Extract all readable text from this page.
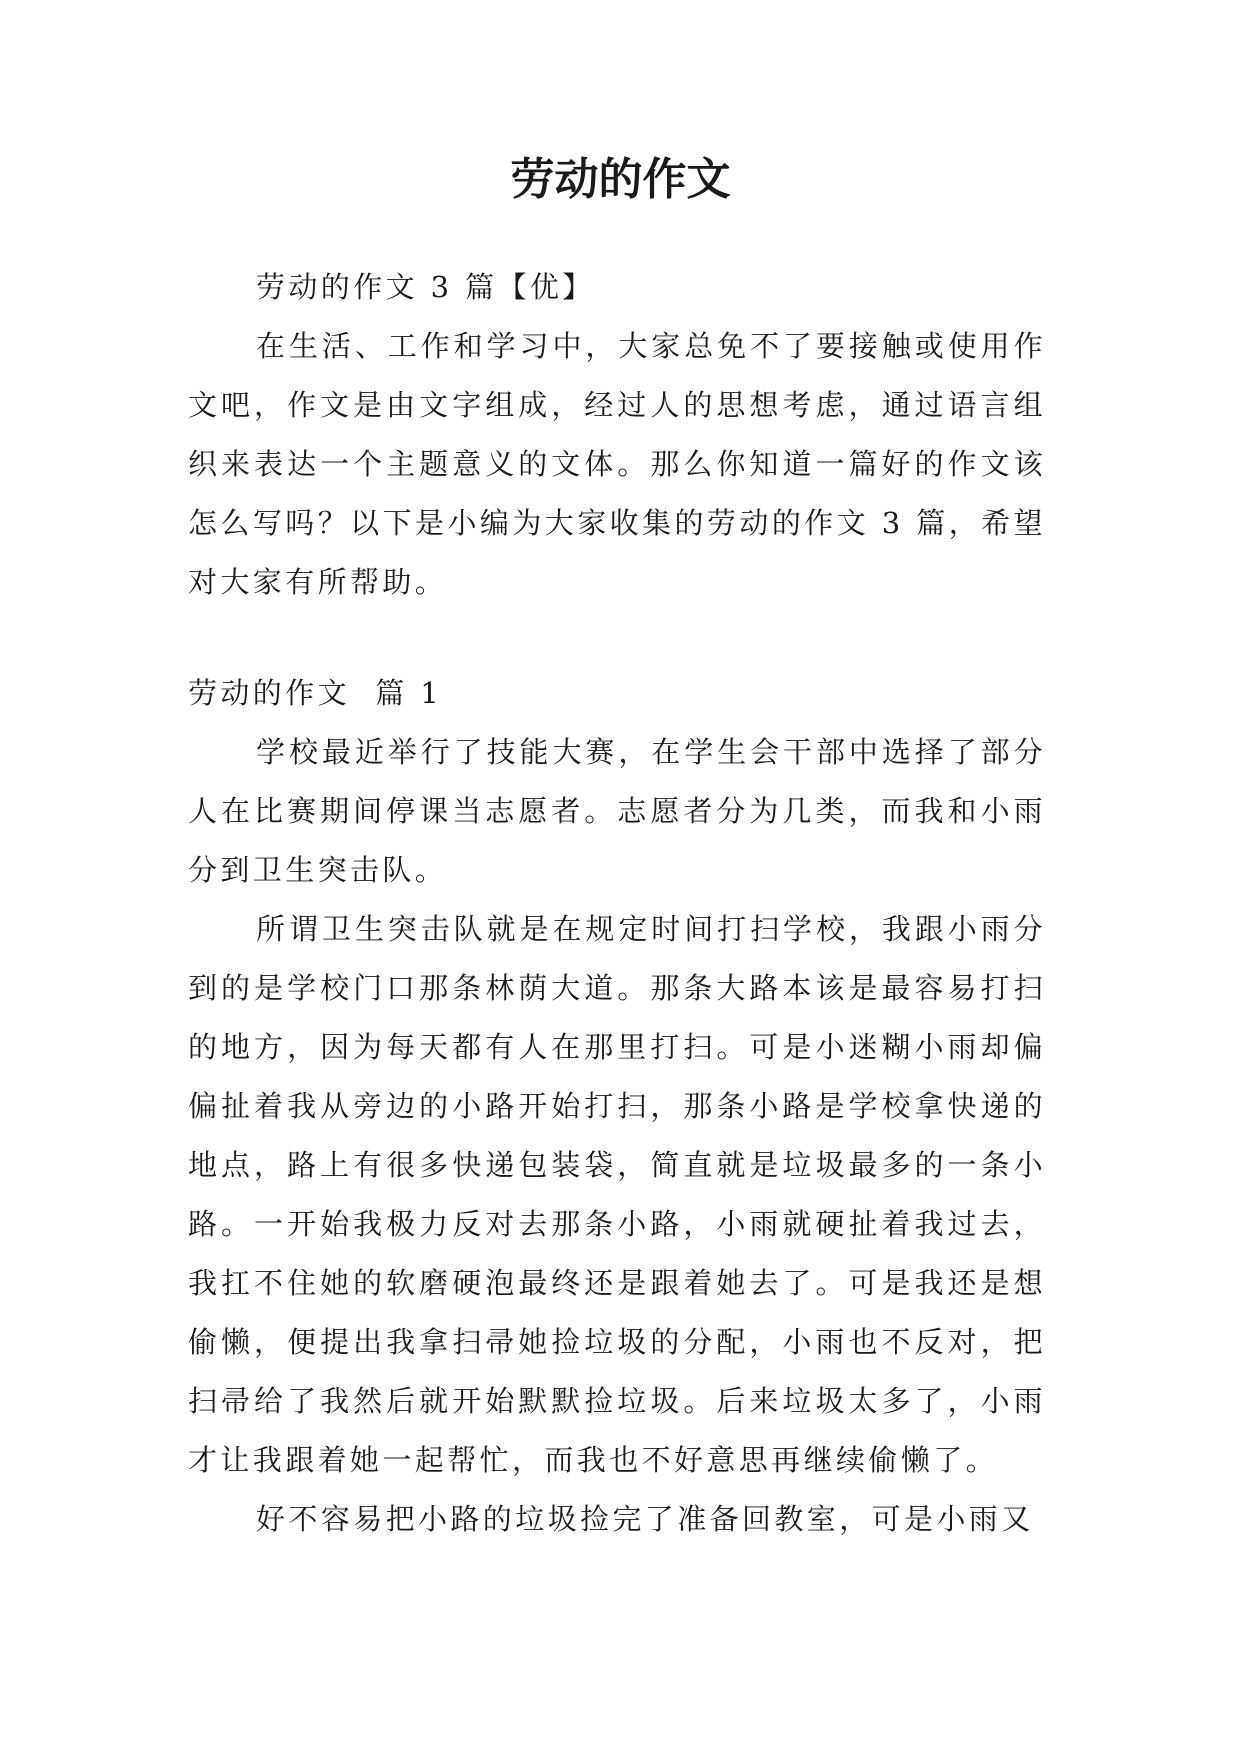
劳动的作文

劳动的作文 3 篇【优】

在生活、工作和学习中，大家总免不了要接触或使用作文吧，作文是由文字组成，经过人的思想考虑，通过语言组织来表达一个主题意义的文体。那么你知道一篇好的作文该怎么写吗？以下是小编为大家收集的劳动的作文 3 篇，希望对大家有所帮助。

劳动的作文  篇 1

学校最近举行了技能大赛，在学生会干部中选择了部分人在比赛期间停课当志愿者。志愿者分为几类，而我和小雨分到卫生突击队。

所谓卫生突击队就是在规定时间打扫学校，我跟小雨分到的是学校门口那条林荫大道。那条大路本该是最容易打扫的地方，因为每天都有人在那里打扫。可是小迷糊小雨却偏偏扯着我从旁边的小路开始打扫，那条小路是学校拿快递的地点，路上有很多快递包装袋，简直就是垃圾最多的一条小路。一开始我极力反对去那条小路，小雨就硬扯着我过去，我扛不住她的软磨硬泡最终还是跟着她去了。可是我还是想偷懒，便提出我拿扫帚她捡垃圾的分配，小雨也不反对，把扫帚给了我然后就开始默默捡垃圾。后来垃圾太多了，小雨才让我跟着她一起帮忙，而我也不好意思再继续偷懒了。

好不容易把小路的垃圾捡完了准备回教室，可是小雨又
